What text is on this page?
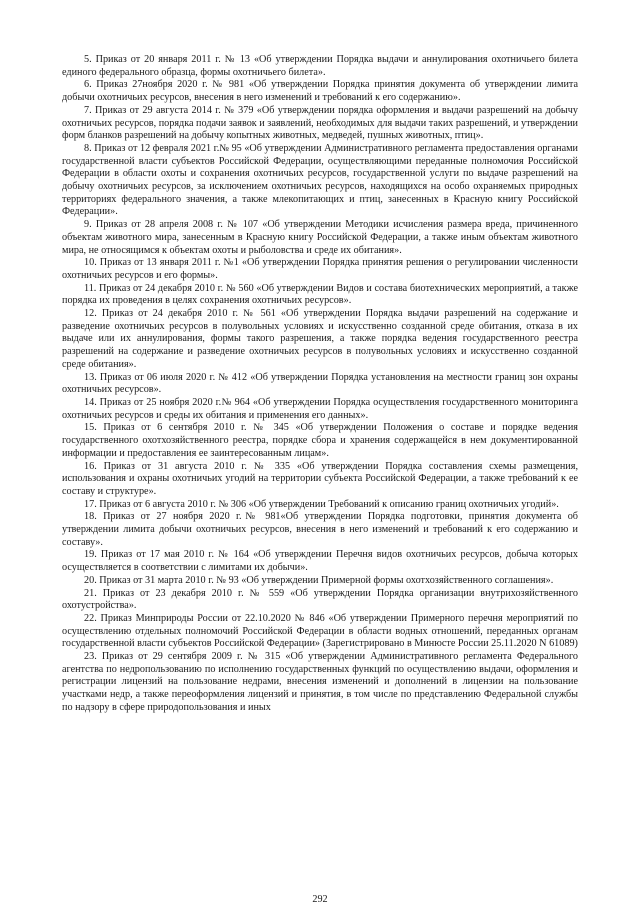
5. Приказ от 20 января 2011 г. № 13 «Об утверждении Порядка выдачи и аннулирования охотничьего билета единого федерального образца, формы охотничьего билета».

6. Приказ 27ноября 2020 г. № 981 «Об утверждении Порядка принятия документа об утверждении лимита добычи охотничьих ресурсов, внесения в него изменений и требований к его содержанию».

7. Приказ от 29 августа 2014 г. № 379 «Об утверждении порядка оформления и выдачи разрешений на добычу охотничьих ресурсов, порядка подачи заявок и заявлений, необходимых для выдачи таких разрешений, и утверждении форм бланков разрешений на добычу копытных животных, медведей, пушных животных, птиц».

8. Приказ от 12 февраля 2021 г.№ 95 «Об утверждении Административного регламента предоставления органами государственной власти субъектов Российской Федерации, осуществляющими переданные полномочия Российской Федерации в области охоты и сохранения охотничьих ресурсов, государственной услуги по выдаче разрешений на добычу охотничьих ресурсов, за исключением охотничьих ресурсов, находящихся на особо охраняемых природных территориях федерального значения, а также млекопитающих и птиц, занесенных в Красную книгу Российской Федерации».

9. Приказ от 28 апреля 2008 г. № 107 «Об утверждении Методики исчисления размера вреда, причиненного объектам животного мира, занесенным в Красную книгу Российской Федерации, а также иным объектам животного мира, не относящимся к объектам охоты и рыболовства и среде их обитания».

10. Приказ от 13 января 2011 г. №1 «Об утверждении Порядка принятия решения о регулировании численности охотничьих ресурсов и его формы».

11. Приказ от 24 декабря 2010 г. № 560 «Об утверждении Видов и состава биотехнических мероприятий, а также порядка их проведения в целях сохранения охотничьих ресурсов».

12. Приказ от 24 декабря 2010 г. № 561 «Об утверждении Порядка выдачи разрешений на содержание и разведение охотничьих ресурсов в полувольных условиях и искусственно созданной среде обитания, отказа в их выдаче или их аннулирования, формы такого разрешения, а также порядка ведения государственного реестра разрешений на содержание и разведение охотничьих ресурсов в полувольных условиях и искусственно созданной среде обитания».

13. Приказ от 06 июля 2020 г. № 412 «Об утверждении Порядка установления на местности границ зон охраны охотничьих ресурсов».

14. Приказ от 25 ноября 2020 г.№ 964 «Об утверждении Порядка осуществления государственного мониторинга охотничьих ресурсов и среды их обитания и применения его данных».

15. Приказ от 6 сентября 2010 г. № 345 «Об утверждении Положения о составе и порядке ведения государственного охотхозяйственного реестра, порядке сбора и хранения содержащейся в нем документированной информации и предоставления ее заинтересованным лицам».

16. Приказ от 31 августа 2010 г. № 335 «Об утверждении Порядка составления схемы размещения, использования и охраны охотничьих угодий на территории субъекта Российской Федерации, а также требований к ее составу и структуре».

17. Приказ от 6 августа 2010 г. № 306 «Об утверждении Требований к описанию границ охотничьих угодий».

18. Приказ от 27 ноября 2020 г.№ 981«Об утверждении Порядка подготовки, принятия документа об утверждении лимита добычи охотничьих ресурсов, внесения в него изменений и требований к его содержанию и составу».

19. Приказ от 17 мая 2010 г. № 164 «Об утверждении Перечня видов охотничьих ресурсов, добыча которых осуществляется в соответствии с лимитами их добычи».

20. Приказ от 31 марта 2010 г. № 93 «Об утверждении Примерной формы охотхозяйственного соглашения».

21. Приказ от 23 декабря 2010 г. № 559 «Об утверждении Порядка организации внутрихозяйственного охотустройства».

22. Приказ Минприроды России от 22.10.2020 № 846 «Об утверждении Примерного перечня мероприятий по осуществлению отдельных полномочий Российской Федерации в области водных отношений, переданных органам государственной власти субъектов Российской Федерации» (Зарегистрировано в Минюсте России 25.11.2020 N 61089)

23. Приказ от 29 сентября 2009 г. № 315 «Об утверждении Административного регламента Федерального агентства по недропользованию по исполнению государственных функций по осуществлению выдачи, оформления и регистрации лицензий на пользование недрами, внесения изменений и дополнений в лицензии на пользование участками недр, а также переоформления лицензий и принятия, в том числе по представлению Федеральной службы по надзору в сфере природопользования и иных

292
